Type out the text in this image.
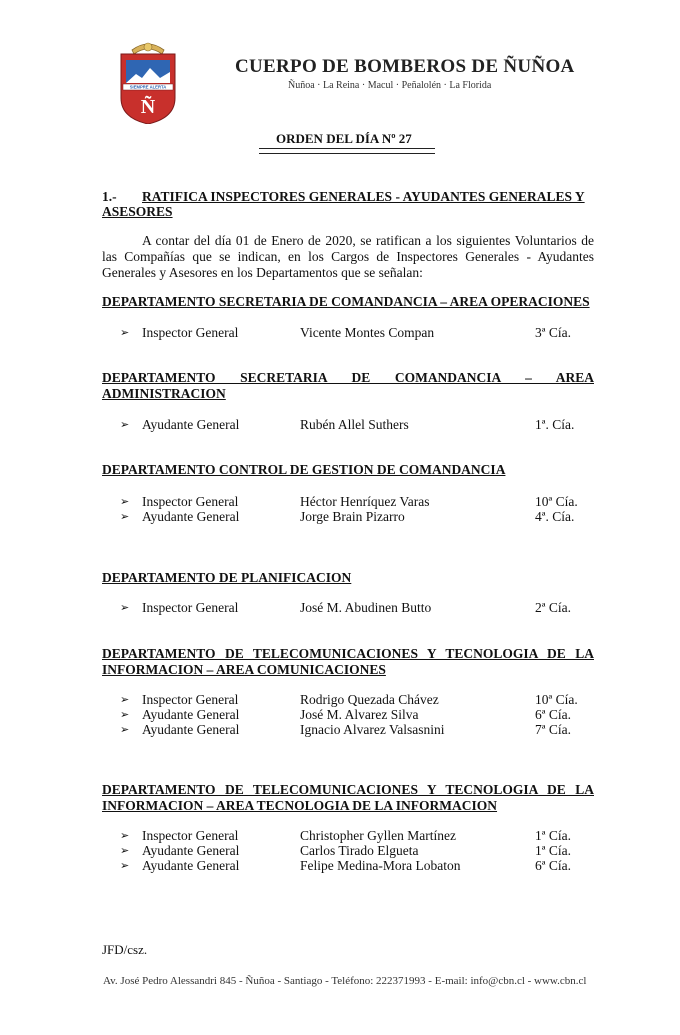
SIEMPRE ALERTA
Ñ
CUERPO DE BOMBEROS DE ÑUÑOA
Ñuñoa · La Reina · Macul · Peñalolén · La Florida
ORDEN DEL DÍA Nº 27
1.- RATIFICA INSPECTORES GENERALES - AYUDANTES GENERALES Y ASESORES
A contar del día 01 de Enero de 2020, se ratifican a los siguientes Voluntarios de las Compañías que se indican, en los Cargos de Inspectores Generales - Ayudantes Generales y Asesores en los Departamentos que se señalan:
DEPARTAMENTO SECRETARIA DE COMANDANCIA – AREA OPERACIONES
➢ Inspector General	Vicente Montes Compan	3ª Cía.
DEPARTAMENTO SECRETARIA DE COMANDANCIA – AREA ADMINISTRACION
➢ Ayudante General	Rubén Allel Suthers	1ª. Cía.
DEPARTAMENTO CONTROL DE GESTION DE COMANDANCIA
➢ Inspector General	Héctor Henríquez Varas	10ª Cía.
➢ Ayudante General	Jorge Brain Pizarro	4ª. Cía.
DEPARTAMENTO DE PLANIFICACION
➢ Inspector General	José M. Abudinen Butto	2ª Cía.
DEPARTAMENTO DE TELECOMUNICACIONES Y TECNOLOGIA DE LA INFORMACION – AREA COMUNICACIONES
➢ Inspector General	Rodrigo Quezada Chávez	10ª Cía.
➢ Ayudante General	José M. Alvarez Silva	6ª Cía.
➢ Ayudante General	Ignacio Alvarez Valsasnini	7ª Cía.
DEPARTAMENTO DE TELECOMUNICACIONES Y TECNOLOGIA DE LA INFORMACION – AREA TECNOLOGIA DE LA INFORMACION
➢ Inspector General	Christopher Gyllen Martínez	1ª Cía.
➢ Ayudante General	Carlos Tirado Elgueta	1ª Cía.
➢ Ayudante General	Felipe Medina-Mora Lobaton	6ª Cía.
JFD/csz.
Av. José Pedro Alessandri 845 - Ñuñoa - Santiago - Teléfono: 222371993 - E-mail: info@cbn.cl - www.cbn.cl
